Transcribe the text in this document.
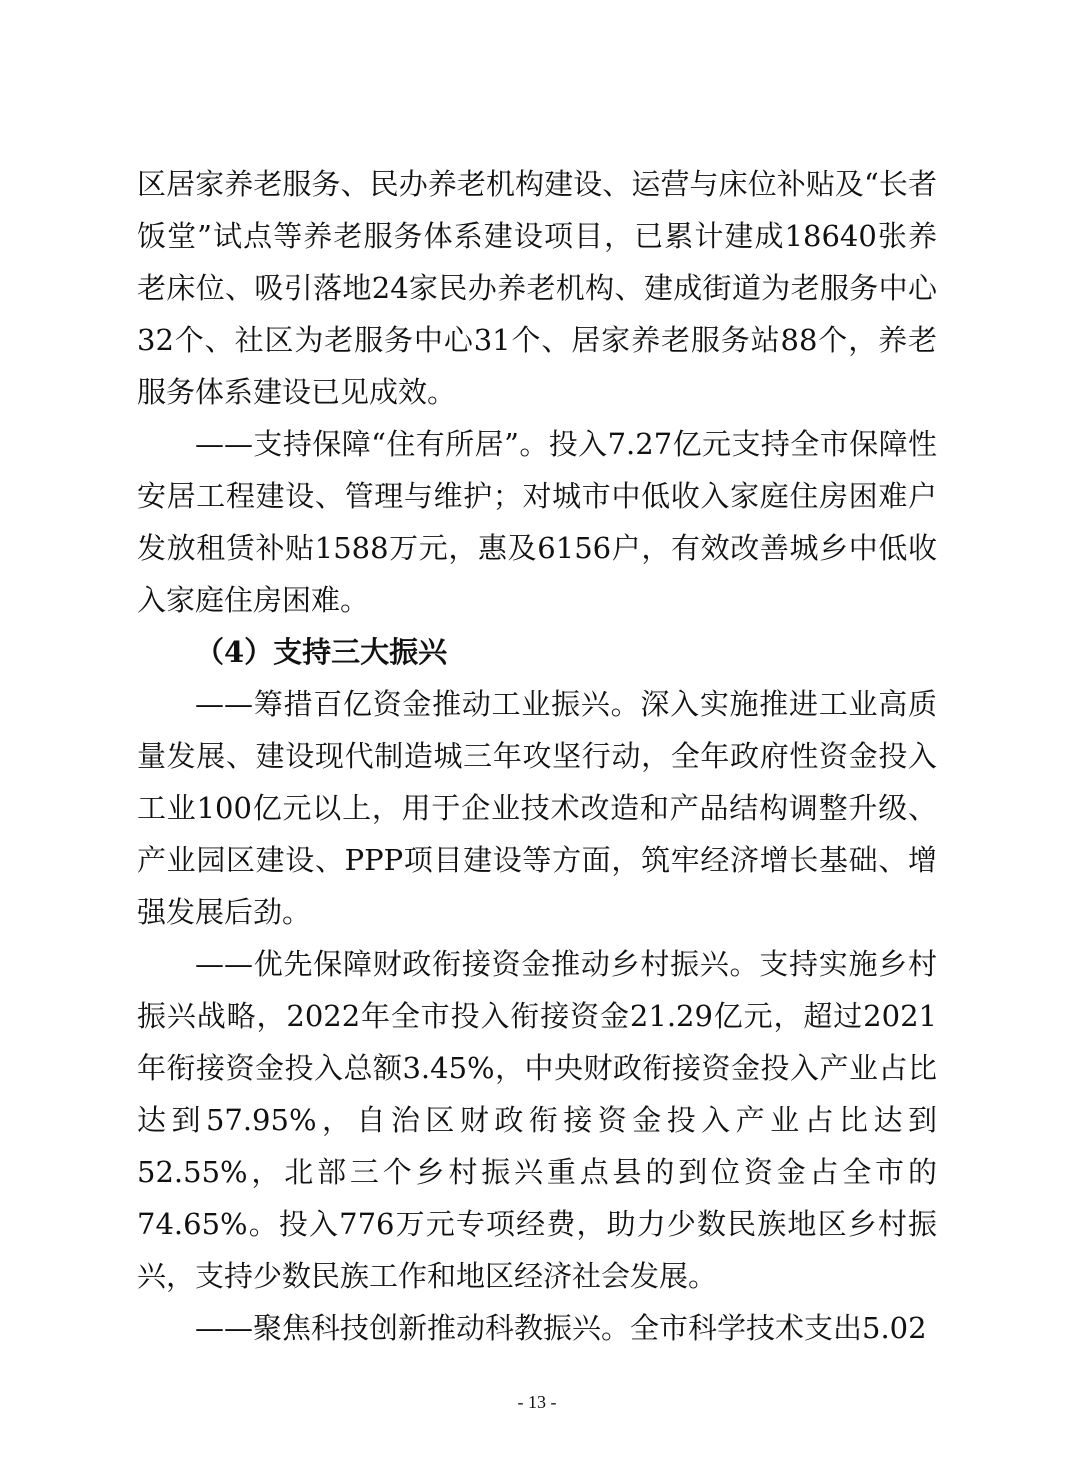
区居家养老服务、民办养老机构建设、运营与床位补贴及“长者饭堂”试点等养老服务体系建设项目，已累计建成18640张养老床位、吸引落地24家民办养老机构、建成街道为老服务中心32个、社区为老服务中心31个、居家养老服务站88个，养老服务体系建设已见成效。

——支持保障“住有所居”。投入7.27亿元支持全市保障性安居工程建设、管理与维护；对城市中低收入家庭住房困难户发放租赁补贴1588万元，惠及6156户，有效改善城乡中低收入家庭住房困难。

（4）支持三大振兴

——筹措百亿资金推动工业振兴。深入实施推进工业高质量发展、建设现代制造城三年攻坚行动，全年政府性资金投入工业100亿元以上，用于企业技术改造和产品结构调整升级、产业园区建设、PPP项目建设等方面，筑牢经济增长基础、增强发展后劲。

——优先保障财政衔接资金推动乡村振兴。支持实施乡村振兴战略，2022年全市投入衔接资金21.29亿元，超过2021年衔接资金投入总额3.45%，中央财政衔接资金投入产业占比达到57.95%，自治区财政衔接资金投入产业占比达到52.55%，北部三个乡村振兴重点县的到位资金占全市的74.65%。投入776万元专项经费，助力少数民族地区乡村振兴，支持少数民族工作和地区经济社会发展。

——聚焦科技创新推动科教振兴。全市科学技术支出5.02

- 13 -
